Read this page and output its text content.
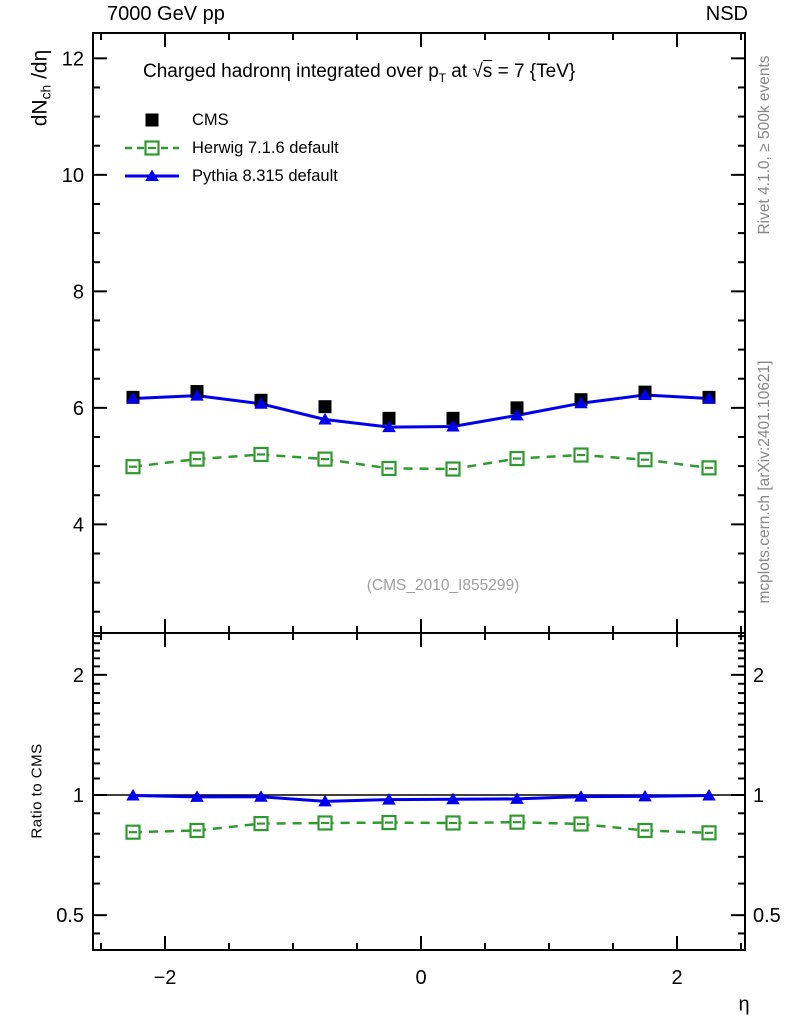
7000 GeV pp	NSD
dNch /dη
−2	0	2
4
6
8
10
12
0.5	0.5
1	1
2	2
Charged hadronη integrated over $p_T$ at √s = 7 {TeV}
CMS
Herwig 7.1.6 default
Pythia 8.315 default
(CMS_2010_I855299)
Rivet 4.1.0, ≥ 500k events
mcplots.cern.ch [arXiv:2401.10621]
Ratio to CMS
η
